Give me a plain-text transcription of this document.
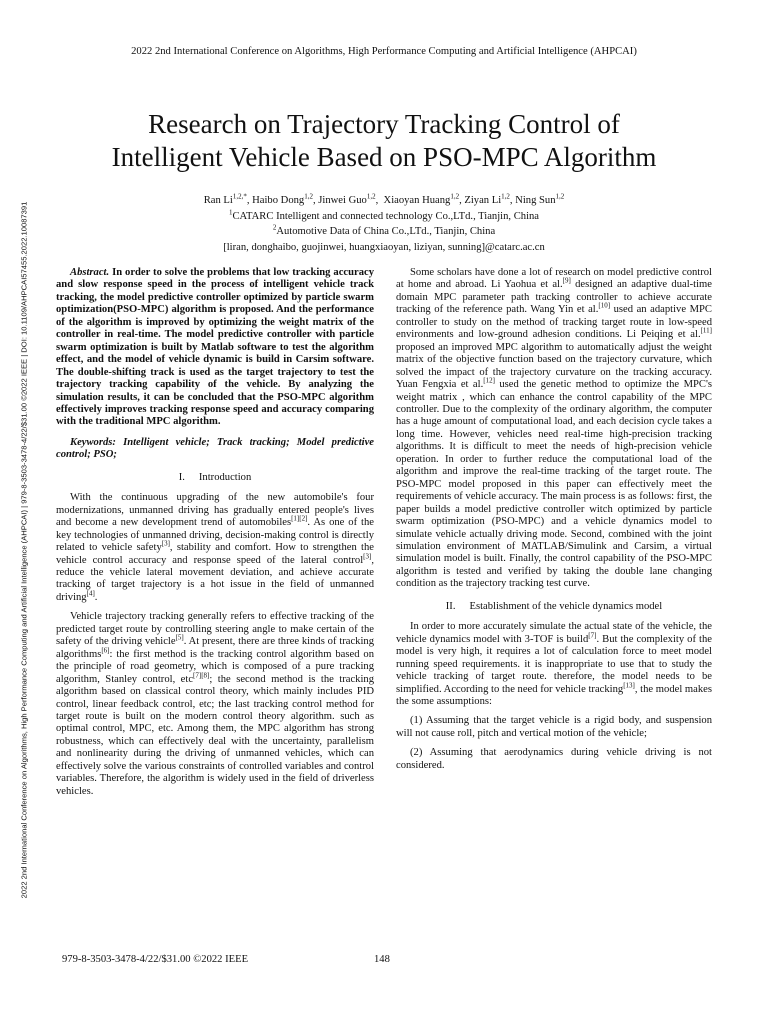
2022 2nd International Conference on Algorithms, High Performance Computing and Artificial Intelligence (AHPCAI)
Research on Trajectory Tracking Control of
Intelligent Vehicle Based on PSO-MPC Algorithm
Ran $Li^{1,2,*}$, Haibo Dong$^{1,2}$, Jinwei Guo$^{1,2}$,  Xiaoyan Huang$^{1,2}$, Ziyan Li$^{1,2}$, Ning Sun$^{1,2}$
$^1$CATARC Intelligent and connected technology Co.,LTd., Tianjin, China
$^2$Automotive Data of China Co.,LTd., Tianjin, China
[liran, donghaibo, guojinwei, huangxiaoyan, liziyan, sunning]@catarc.ac.cn

Abstract. In order to solve the problems that low tracking accuracy and slow response speed in the process of intelligent vehicle track tracking, the model predictive controller optimized by particle swarm optimization(PSO-MPC) algorithm is proposed. And the performance of the algorithm is improved by optimizing the weight matrix of the controller in real-time. The model predictive controller with particle swarm optimization is built by Matlab software to test the algorithm effect, and the model of vehicle dynamic is build in Carsim software. The double-shifting track is used as the target trajectory to test the trajectory tracking capability of the vehicle. By analyzing the simulation results, it can be concluded that the PSO-MPC algorithm effectively improves tracking response speed and accuracy comparing with the traditional MPC algorithm.

Keywords: Intelligent vehicle; Track tracking; Model predictive control; PSO;

I. Introduction

With the continuous upgrading of the new automobile's four modernizations, unmanned driving has gradually entered people's lives and become a new development trend of automobiles[1][2]. As one of the key technologies of unmanned driving, decision-making control is directly related to vehicle safety[3], stability and comfort. How to strengthen the vehicle control accuracy and response speed of the lateral control[3], reduce the vehicle lateral movement deviation, and achieve accurate tracking of target trajectory is a hot issue in the field of unmanned driving[4].

Vehicle trajectory tracking generally refers to effective tracking of the predicted target route by controlling steering angle to make certain of the safety of the driving vehicle[5]. At present, there are three kinds of tracking algorithms[6]: the first method is the tracking control algorithm based on the principle of road geometry, which is composed of a pure tracking algorithm, Stanley control, etc[7][8]; the second method is the tracking algorithm based on classical control theory, which mainly includes PID control, linear feedback control, etc; the last tracking control method for target route is built on the modern control theory algorithm. such as optimal control, MPC, etc. Among them, the MPC algorithm has strong robustness, which can effectively deal with the uncertainty, parallelism and nonlinearity during the driving of unmanned vehicles, which can effectively solve the various constraints of controlled variables and control variables. Therefore, the algorithm is widely used in the field of driverless vehicles.

Some scholars have done a lot of research on model predictive control at home and abroad. Li Yaohua et al.[9] designed an adaptive dual-time domain MPC parameter path tracking controller to achieve accurate tracking of the reference path. Wang Yin et al.[10] used an adaptive MPC controller to study on the method of tracking target route in low-speed environments and low-ground adhesion conditions. Li Peiqing et al.[11] proposed an improved MPC algorithm to automatically adjust the weight matrix of the objective function based on the trajectory curvature, which solved the impact of the trajectory curvature on the tracking accuracy. Yuan Fengxia et al.[12] used the genetic method to optimize the MPC's weight matrix , which can enhance the control capability of the MPC controller. Due to the complexity of the ordinary algorithm, the computer has a huge amount of computational load, and each decision cycle takes a long time. However, vehicles need real-time high-precision tracking algorithms. It is difficult to meet the needs of high-precision vehicle operation. In order to further reduce the computational load of the algorithm and improve the real-time tracking of the target route. The PSO-MPC model proposed in this paper can effectively meet the requirements of vehicle accuracy. The main process is as follows: first, the paper builds a model predictive controller witch optimized by particle swarm optimization (PSO-MPC) and a vehicle dynamics model to simulate vehicle actually driving mode. Second, combined with the joint simulation environment of MATLAB/Simulink and Carsim, a virtual simulation model is built. Finally, the control capability of the PSO-MPC algorithm is tested and verified by taking the double lane changing condition as the trajectory tracking test curve.

II. Establishment of the vehicle dynamics model

In order to more accurately simulate the actual state of the vehicle, the vehicle dynamics model with 3-TOF is build[7]. But the complexity of the model is very high, it requires a lot of calculation force to meet model running speed requirements. it is inappropriate to use that to study the vehicle tracking of target route. therefore, the model needs to be simplified. According to the need for vehicle tracking[13], the model makes the some assumptions:

(1) Assuming that the target vehicle is a rigid body, and suspension will not cause roll, pitch and vertical motion of the vehicle;

(2) Assuming that aerodynamics during vehicle driving is not considered.

2022 2nd International Conference on Algorithms, High Performance Computing and Artificial Intelligence (AHPCAI) | 979-8-3503-3478-4/22/$31.00 ©2022 IEEE | DOI: 10.1109/AHPCAI57455.2022.10087391
979-8-3503-3478-4/22/$31.00 ©2022 IEEE	148
